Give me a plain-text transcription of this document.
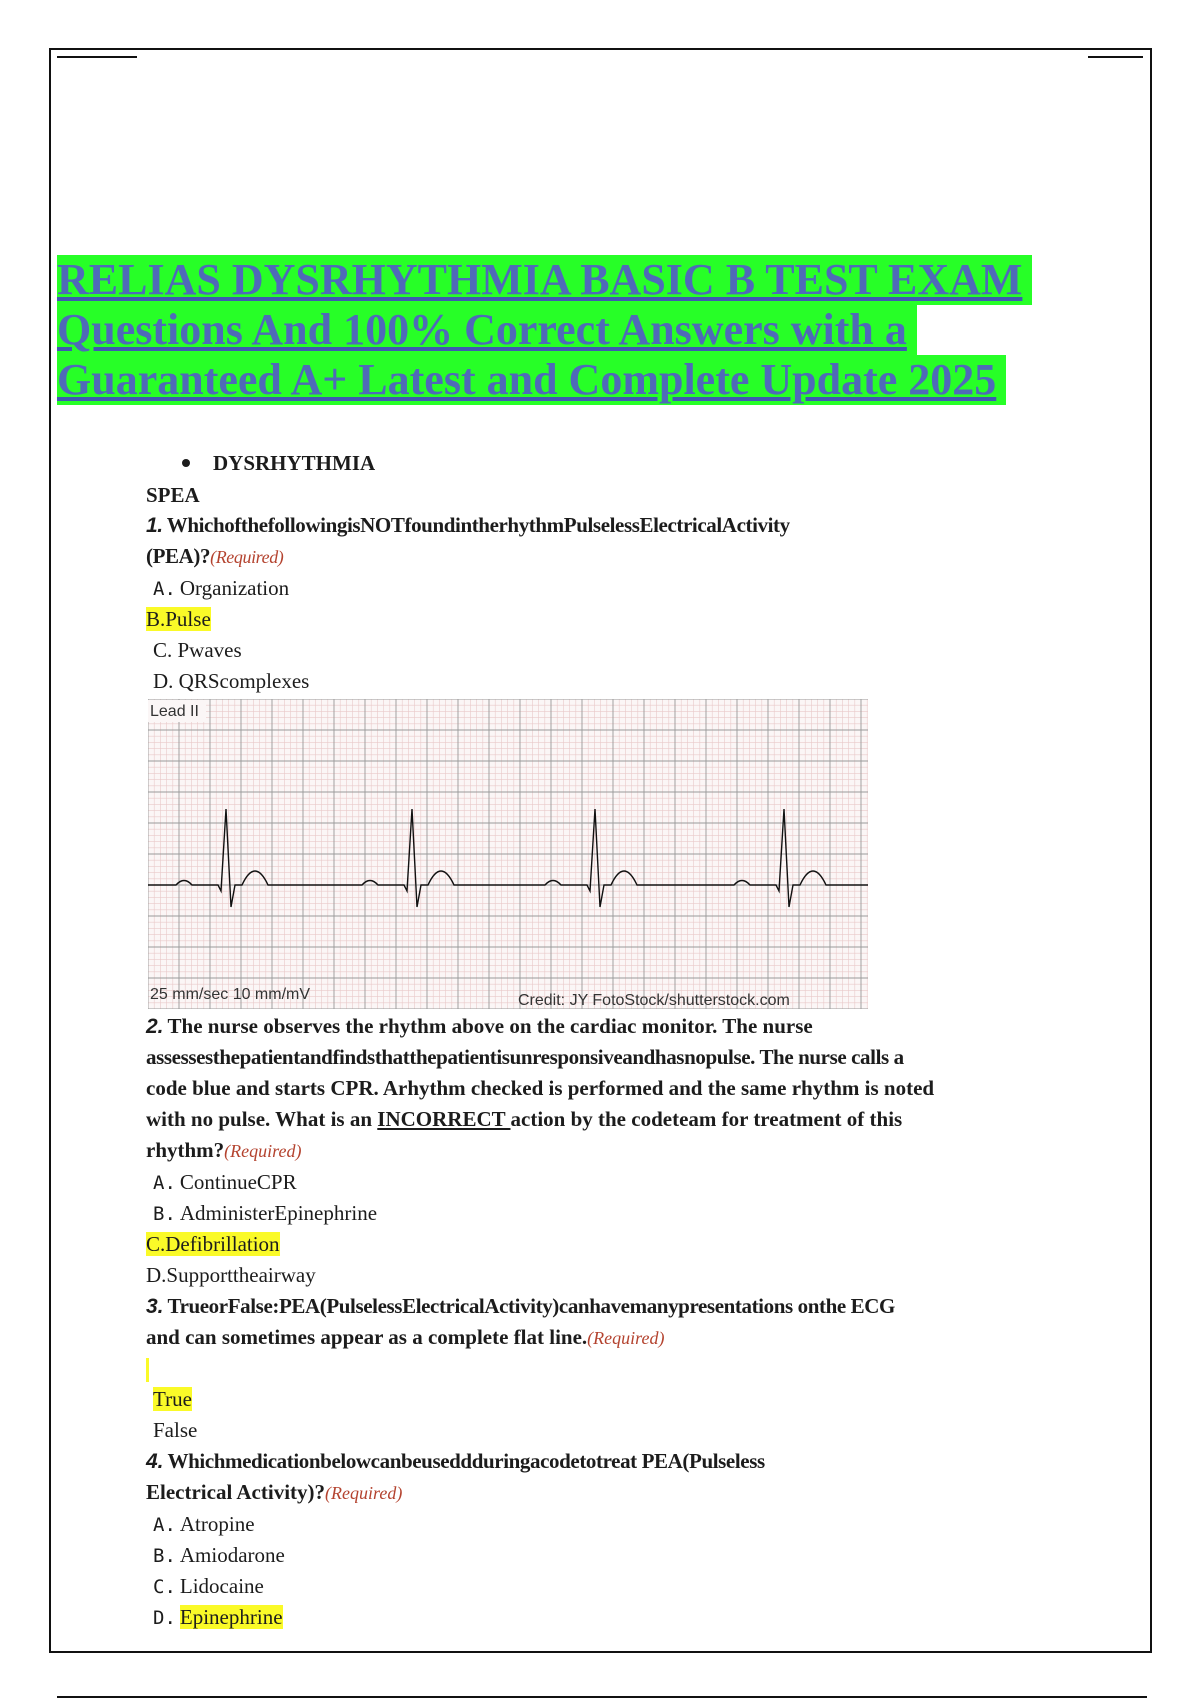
RELIAS DYSRHYTHMIA BASIC B TEST EXAM
Questions And 100% Correct Answers with a
Guaranteed A+ Latest and Complete Update 2025
DYSRHYTHMIA
SPEA
1. WhichofthefollowingisNOTfoundintherhythmPulselessElectricalActivity
(PEA)?(Required)
A. Organization
B.Pulse
C. Pwaves
D. QRScomplexes
Lead II
25 mm/sec 10 mm/mV	Credit: JY FotoStock/shutterstock.com
2. The nurse observes the rhythm above on the cardiac monitor. The nurse
assessesthepatientandfindsthatthepatientisunresponsiveandhasnopulse. The nurse calls a
code blue and starts CPR. Arhythm checked is performed and the same rhythm is noted
with no pulse. What is an INCORRECT action by the codeteam for treatment of this
rhythm?(Required)
A. ContinueCPR
B. AdministerEpinephrine
C.Defibrillation
D.Supporttheairway
3. TrueorFalse:PEA(PulselessElectricalActivity)canhavemanypresentations onthe ECG
and can sometimes appear as a complete flat line.(Required)
True
False
4. Whichmedicationbelowcanbeuseddduringacodetotreat PEA(Pulseless
Electrical Activity)?(Required)
A. Atropine
B. Amiodarone
C. Lidocaine
D. Epinephrine
